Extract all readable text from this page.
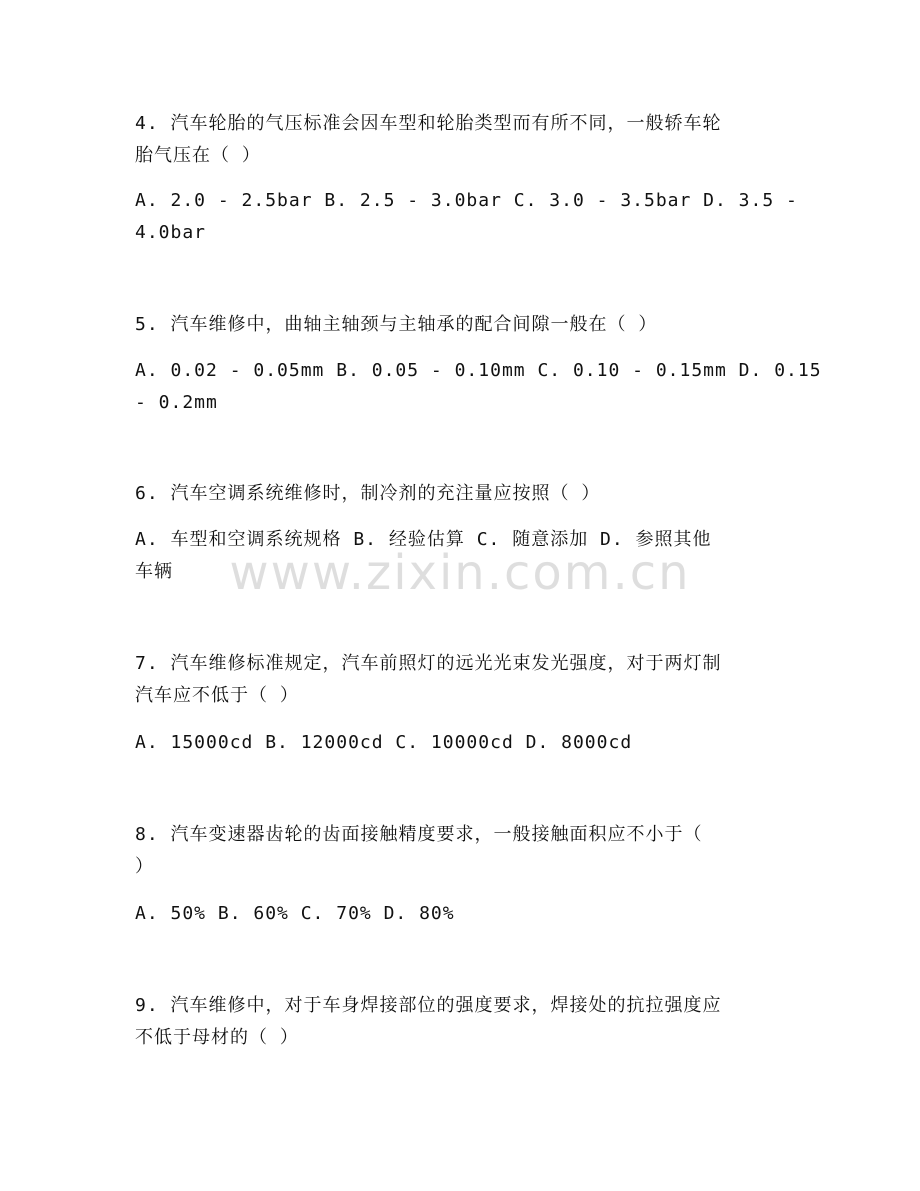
4. 汽车轮胎的气压标准会因车型和轮胎类型而有所不同，一般轿车轮
胎气压在（ ）
A. 2.0 - 2.5bar B. 2.5 - 3.0bar C. 3.0 - 3.5bar D. 3.5 -
4.0bar
5. 汽车维修中，曲轴主轴颈与主轴承的配合间隙一般在（ ）
A. 0.02 - 0.05mm B. 0.05 - 0.10mm C. 0.10 - 0.15mm D. 0.15
- 0.2mm
6. 汽车空调系统维修时，制冷剂的充注量应按照（ ）
A. 车型和空调系统规格 B. 经验估算 C. 随意添加 D. 参照其他
车辆
7. 汽车维修标准规定，汽车前照灯的远光光束发光强度，对于两灯制
汽车应不低于（ ）
A. 15000cd B. 12000cd C. 10000cd D. 8000cd
8. 汽车变速器齿轮的齿面接触精度要求，一般接触面积应不小于（
）
A. 50% B. 60% C. 70% D. 80%
9. 汽车维修中，对于车身焊接部位的强度要求，焊接处的抗拉强度应
不低于母材的（ ）
www.zixin.com.cn
